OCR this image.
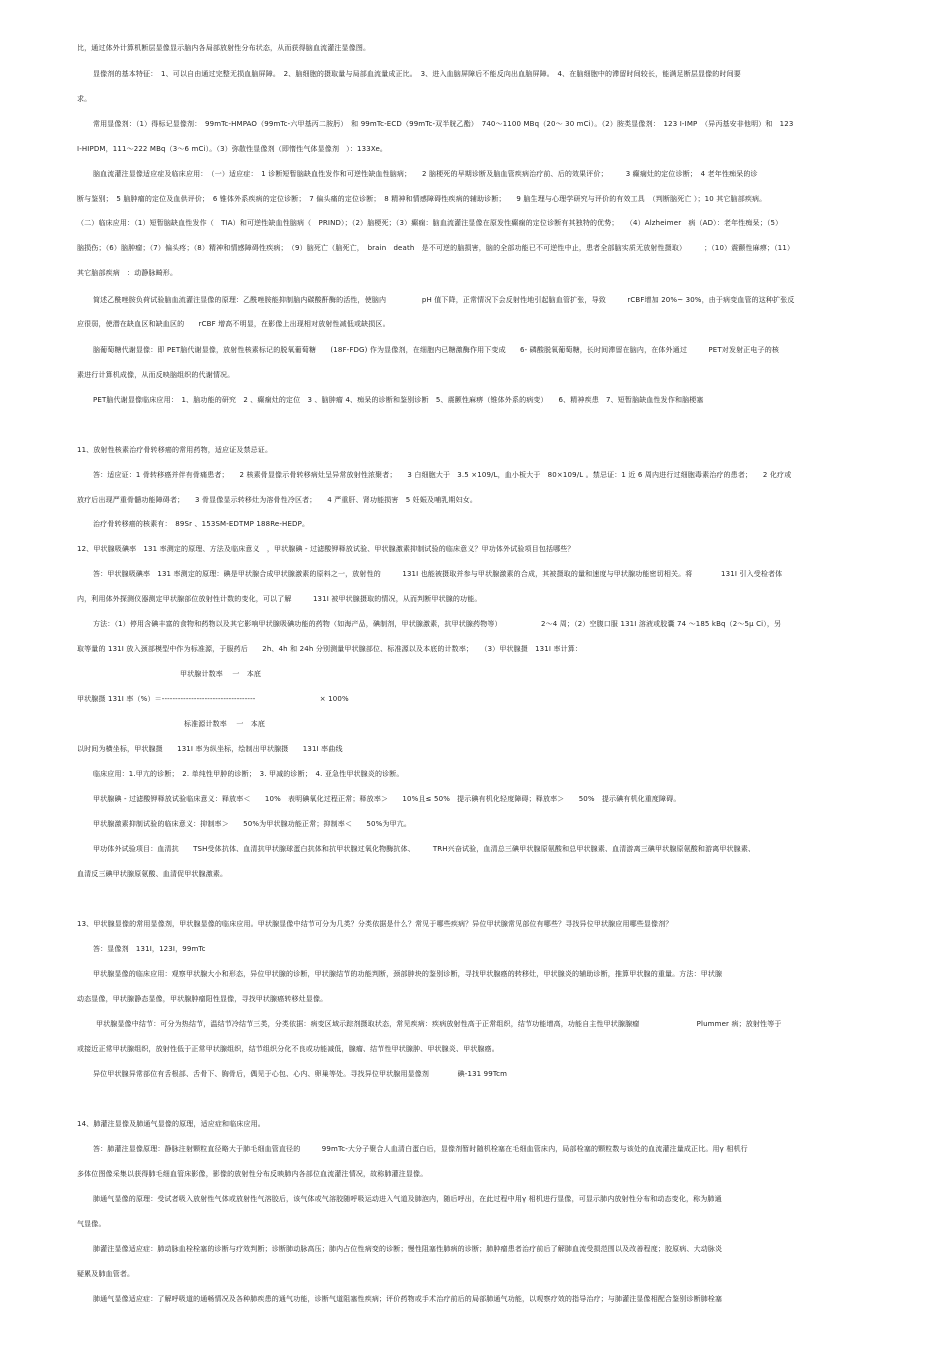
比，通过体外计算机断层显像显示脑内各局部放射性分布状态，从而获得脑血流灌注显像图。
显像剂的基本特征：　1、可以自由通过完整无损血脑屏障。　2、脑细胞的摄取量与局部血流量成正比。　3、进入血脑屏障后不能反向出血脑屏障。　4、在脑细胞中的滞留时间较长，能满足断层显像的时间要
求。
常用显像剂：（1）得标记显像剂：　99mTc-HMPAO（99mTc-六甲基丙二胺肟）　和 99mTc-ECD（99mTc-双半胱乙酯）　740～1100 MBq（20～ 30 mCi）。（2）胺类显像剂：　123 I-IMP　（异丙基安非他明）和　123
I-HIPDM，111～222 MBq（3～6 mCi）。（3）弥散性显像剂（即惰性气体显像剂　）：133Xe。
脑血流灌注显像适应症及临床应用：　（一）适应症：　1 诊断短暂脑缺血性发作和可逆性缺血性脑病；　　2 脑梗死的早期诊断及脑血管疾病治疗前、后的效果评价；　　　3 癫痫灶的定位诊断；　4 老年性痴呆的诊
断与鉴别；　5 脑肿瘤的定位及血供评价；　6 锥体外系疾病的定位诊断；　7 偏头痛的定位诊断；　8 精神和情感障碍性疾病的辅助诊断；　　9 脑生理与心理学研究与评价的有效工具　（判断脑死亡 ）；10 其它脑部疾病。
（二）临床应用：（1）短暂脑缺血性发作（　TIA）和可逆性缺血性脑病（　PRIND）；（2）脑梗死；（3）癫痫：脑血流灌注显像在原发性癫痫的定位诊断有其独特的优势；　　（4）Alzheimer　病（AD）：老年性痴呆；（5）
脑损伤；（6）脑肿瘤；（7）偏头疼；（8）精神和情感障碍性疾病；　（9）脑死亡（脑死亡，　brain　death　是不可逆的脑损害，脑的全部功能已不可逆性中止，患者全部脑实质无放射性摄取）　　　；（10）震颤性麻痹；（11）
其它脑部疾病　：动静脉畸形。
简述乙酰唑胺负荷试验脑血流灌注显像的原理：乙酰唑胺能抑制脑内碳酸酐酶的活性，使脑内　　　　　pH 值下降，正常情况下会反射性地引起脑血管扩张，导致　　　rCBF增加 20%~ 30%，由于病变血管的这种扩张反
应很弱，使潜在缺血区和缺血区的　　rCBF 增高不明显，在影像上出现相对放射性减低或缺损区。
脑葡萄糖代谢显像：即 PET脑代谢显像，放射性核素标记的脱氧葡萄糖　　(18F-FDG) 作为显像剂，在细胞内已糖激酶作用下变成　　6- 磷酸脱氧葡萄糖，长时间滞留在脑内，在体外通过　　　PET对发射正电子的核
素进行计算机成像，从而反映脑组织的代谢情况。
PET脑代谢显像临床应用：　1、脑功能的研究　2 、癫痫灶的定位　3 、脑肿瘤 4、痴呆的诊断和鉴别诊断　5、震颤性麻痹（锥体外系的病变）　　6、精神疾患　7、短暂脑缺血性发作和脑梗塞
11、放射性核素治疗骨转移癌的常用药物，适应证及禁忌证。
答：适应证：1 骨转移癌并伴有骨痛患者；　　2 核素骨显像示骨转移病灶呈异常放射性浓聚者；　　3 白细胞大于　3.5 ×109/L，血小板大于　80×109/L 。禁忌证：1 近 6 周内进行过细胞毒素治疗的患者；　　2 化疗或
放疗后出现严重骨髓功能障碍者；　　3 骨显像显示转移灶为溶骨性冷区者；　　4 严重肝、肾功能损害　5 妊娠及哺乳期妇女。
治疗骨转移癌的核素有：　89Sr 、153SM-EDTMP 188Re-HEDP。
12、甲状腺吸碘率　131 率测定的原理、方法及临床意义　，甲状腺碘 - 过滤酸钾释放试验、甲状腺激素抑制试验的临床意义？甲功体外试验项目包括哪些？
答：甲状腺吸碘率　131 率测定的原理：碘是甲状腺合成甲状腺激素的原料之一，放射性的　　　131I 也能被摄取并参与甲状腺激素的合成，其被摄取的量和速度与甲状腺功能密切相关。将　　　　131I 引入受检者体
内，利用体外探测仪器测定甲状腺部位放射性计数的变化，可以了解　　　131I 被甲状腺摄取的情况，从而判断甲状腺的功能。
方法：（1）停用含碘丰富的食物和药物以及其它影响甲状腺吸碘功能的药物（如海产品，碘制剂，甲状腺激素，抗甲状腺药物等）　　　　　　2～4 周；（2）空腹口服 131I 溶液或胶囊 74 ～185 kBq（2～5μ Ci），另
取等量的 131I 放入颈部模型中作为标准源，于服药后　　2h、4h 和 24h 分别测量甲状腺部位、标准源以及本底的计数率；　　（3）甲状腺摄　131I 率计算：
甲状腺计数率　 一　本底
甲状腺摄 131I 率（%）＝-----------------------------------　　　　　　　　　× 100%
标准源计数率　 一　本底
以时间为横坐标，甲状腺摄　　131I 率为纵坐标，绘制出甲状腺摄　　131I 率曲线
临床应用：1.甲亢的诊断；　2. 单纯性甲肿的诊断；　3. 甲减的诊断；　4. 亚急性甲状腺炎的诊断。
甲状腺碘 - 过滤酸钾释放试验临床意义：释放率＜　　10%　表明碘氧化过程正常；释放率＞　　10%且≤ 50%　提示碘有机化轻度障碍；释放率＞　　50%　提示碘有机化重度障碍。
甲状腺激素抑制试验的临床意义：抑制率＞　　50%为甲状腺功能正常；抑制率＜　　50%为甲亢。
甲功体外试验项目：血清抗　　TSH受体抗体、血清抗甲状腺球蛋白抗体和抗甲状腺过氧化物酶抗体、　　　TRH兴奋试验，血清总三碘甲状腺原氨酸和总甲状腺素、血清游离三碘甲状腺原氨酸和游离甲状腺素、
血清反三碘甲状腺原氨酸、血清促甲状腺激素。
13、甲状腺显像的常用显像剂，甲状腺显像的临床应用。甲状腺显像中结节可分为几类？分类依据是什么？常见于哪些疾病？异位甲状腺常见部位有哪些？寻找异位甲状腺应用哪些显像剂？
答：显像剂　131I，123I，99mTc
甲状腺显像的临床应用：观察甲状腺大小和形态，异位甲状腺的诊断，甲状腺结节的功能判断，颈部肿块的鉴别诊断，寻找甲状腺癌的转移灶，甲状腺炎的辅助诊断，推算甲状腺的重量。方法：甲状腺
动态显像，甲状腺静态显像，甲状腺肿瘤阳性显像，寻找甲状腺癌转移灶显像。
甲状腺显像中结节：可分为热结节，温结节冷结节三类，分类依据：病变区域示踪剂摄取状态，常见疾病：疾病放射性高于正常组织，结节功能增高，功能自主性甲状腺腺瘤　　　　　　　　Plummer 病；放射性等于
或接近正常甲状腺组织，放射性低于正常甲状腺组织，结节组织分化不良或功能减低，腺瘤、结节性甲状腺肿、甲状腺炎、甲状腺癌。
异位甲状腺异常部位有舌根部、舌骨下、胸骨后，偶见于心包、心内、卵巢等处。寻找异位甲状腺用显像剂　　　　碘-131 99Tcm
14、肺灌注显像及肺通气显像的原理，适应症和临床应用。
答：肺灌注显像原理：静脉注射颗粒直径略大于肺毛细血管直径的　　　99mTc-大分子聚合人血清白蛋白后，显像剂暂时随机栓塞在毛细血管床内，局部栓塞的颗粒数与该处的血流灌注量成正比。用γ 相机行
多体位图像采集以获得肺毛细血管床影像，影像的放射性分布反映肺内各部位血流灌注情况，故称肺灌注显像。
肺通气显像的原理：受试者吸入放射性气体或放射性气溶胶后，该气体或气溶胶随呼吸运动进入气道及肺泡内，随后呼出，在此过程中用γ 相机进行显像，可显示肺内放射性分布和动态变化，称为肺通
气显像。
肺灌注显像适应症：肺动脉血栓栓塞的诊断与疗效判断；诊断肺动脉高压；肺内占位性病变的诊断；慢性阻塞性肺病的诊断；肺肿瘤患者治疗前后了解肺血流受损范围以及改善程度；胶原病、大动脉炎
疑累及肺血管者。
肺通气显像适应症：了解呼吸道的通畅情况及各种肺疾患的通气功能，诊断气道阻塞性疾病；评价药物或手术治疗前后的局部肺通气功能，以观察疗效的指导治疗；与肺灌注显像相配合鉴别诊断肺栓塞
